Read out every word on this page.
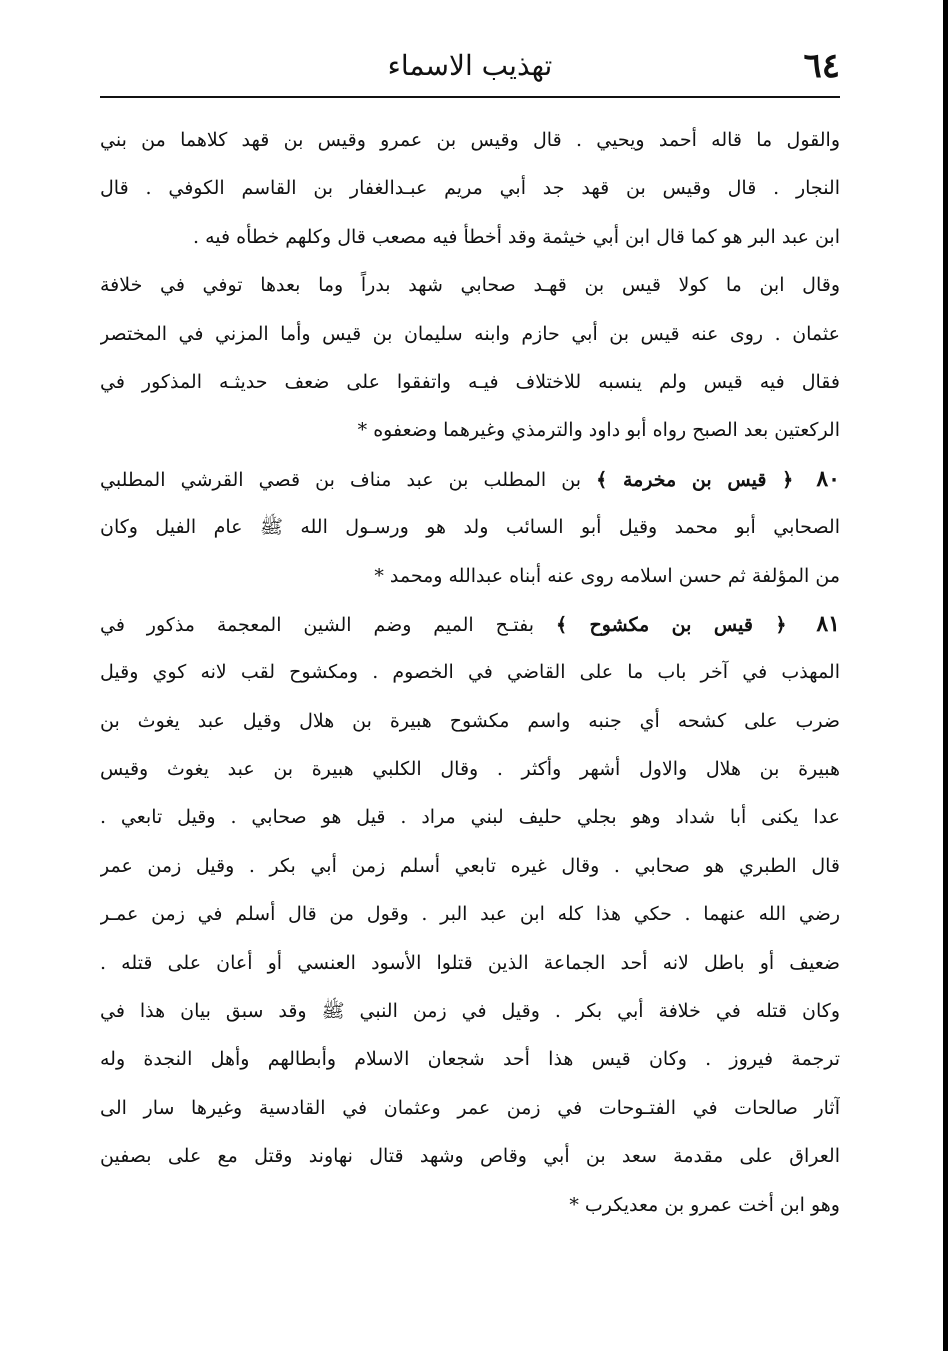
٦٤
تهذيب الاسماء
والقول ما قاله أحمد ويحيي . قال وقيس بن عمرو وقيس بن قهد كلاهما من بني
النجار . قال وقيس بن قهد جد أبي مريم عبـدالغفار بن القاسم الكوفي . قال
ابن عبد البر هو كما قال ابن أبي خيثمة وقد أخطأ فيه مصعب قال وكلهم خطأه فيه .
وقال ابن ما كولا قيس بن قهـد صحابي شهد بدراً وما بعدها توفي في خلافة
عثمان . روى عنه قيس بن أبي حازم وابنه سليمان بن قيس وأما المزني في المختصر
فقال فيه قيس ولم ينسبه للاختلاف فيـه واتفقوا على ضعف حديثـه المذكور في
الركعتين بعد الصبح رواه أبو داود والترمذي وغيرهما وضعفوه *
٨٠ ﴿ قيس بن مخرمة ﴾ بن المطلب بن عبد مناف بن قصي القرشي المطلبي
الصحابي أبو محمد وقيل أبو السائب ولد هو ورسـول الله ﷺ عام الفيل وكان
من المؤلفة ثم حسن اسلامه روى عنه أبناه عبدالله ومحمد *
٨١ ﴿ قيس بن مكشوح ﴾ بفتـح الميم وضم الشين المعجمة مذكور في
المهذب في آخر باب ما على القاضي في الخصوم . ومكشوح لقب لانه كوي وقيل
ضرب على كشحه أي جنبه واسم مكشوح هبيرة بن هلال وقيل عبد يغوث بن
هبيرة بن هلال والاول أشهر وأكثر . وقال الكلبي هبيرة بن عبد يغوث وقيس
عدا يكنى أبا شداد وهو بجلي حليف لبني مراد . قيل هو صحابي . وقيل تابعي .
قال الطبري هو صحابي . وقال غيره تابعي أسلم زمن أبي بكر . وقيل زمن عمر
رضي الله عنهما . حكي هذا كله ابن عبد البر . وقول من قال أسلم في زمن عمـر
ضعيف أو باطل لانه أحد الجماعة الذين قتلوا الأسود العنسي أو أعان على قتله .
وكان قتله في خلافة أبي بكر . وقيل في زمن النبي ﷺ وقد سبق بيان هذا في
ترجمة فيروز . وكان قيس هذا أحد شجعان الاسلام وأبطالهم وأهل النجدة وله
آثار صالحات في الفتـوحات في زمن عمر وعثمان في القادسية وغيرها سار الى
العراق على مقدمة سعد بن أبي وقاص وشهد قتال نهاوند وقتل مع على بصفين
وهو ابن أخت عمرو بن معديكرب *
